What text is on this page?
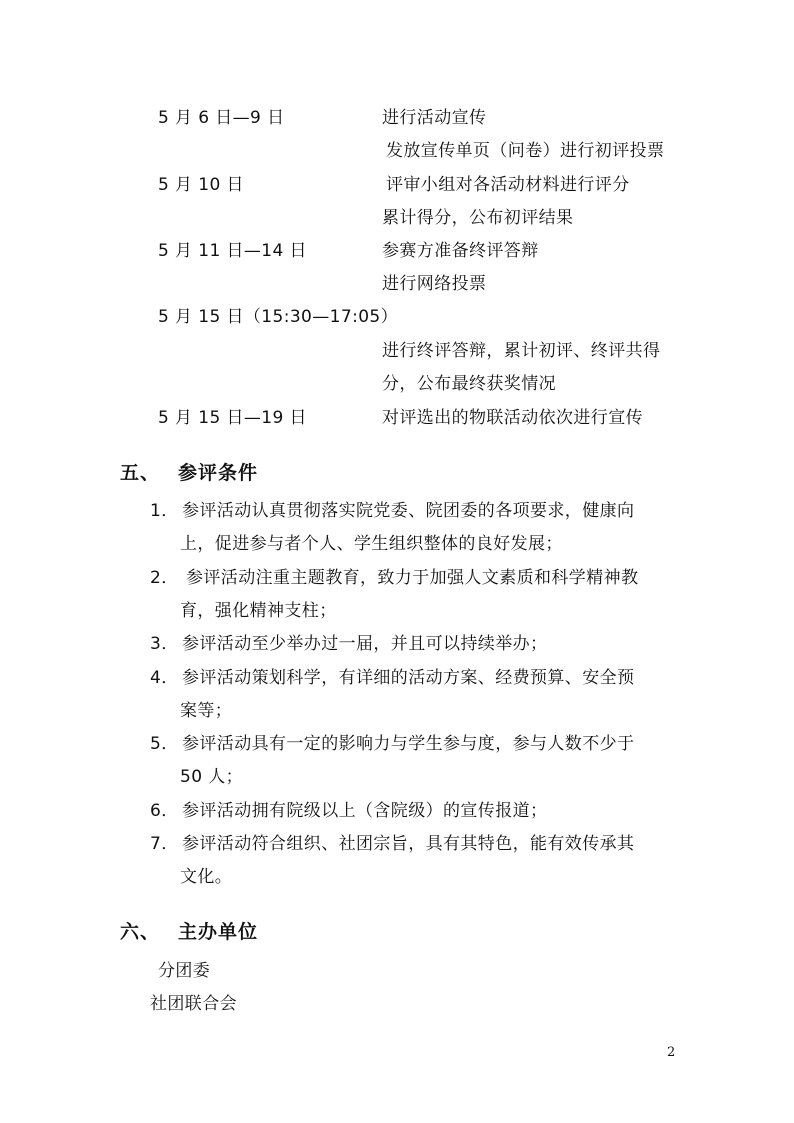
5 月 6 日—9 日	进行活动宣传
发放宣传单页（问卷）进行初评投票
5 月 10 日	评审小组对各活动材料进行评分
累计得分，公布初评结果
5 月 11 日—14 日	参赛方准备终评答辩
进行网络投票
5 月 15 日（15:30—17:05）
进行终评答辩，累计初评、终评共得
分，公布最终获奖情况
5 月 15 日—19 日	对评选出的物联活动依次进行宣传
五、 参评条件
1． 参评活动认真贯彻落实院党委、院团委的各项要求，健康向
上，促进参与者个人、学生组织整体的良好发展；
2． 参评活动注重主题教育，致力于加强人文素质和科学精神教
育，强化精神支柱；
3． 参评活动至少举办过一届，并且可以持续举办；
4． 参评活动策划科学，有详细的活动方案、经费预算、安全预
案等；
5． 参评活动具有一定的影响力与学生参与度，参与人数不少于
50 人；
6． 参评活动拥有院级以上（含院级）的宣传报道；
7． 参评活动符合组织、社团宗旨，具有其特色，能有效传承其
文化。
六、 主办单位
分团委
社团联合会
2
